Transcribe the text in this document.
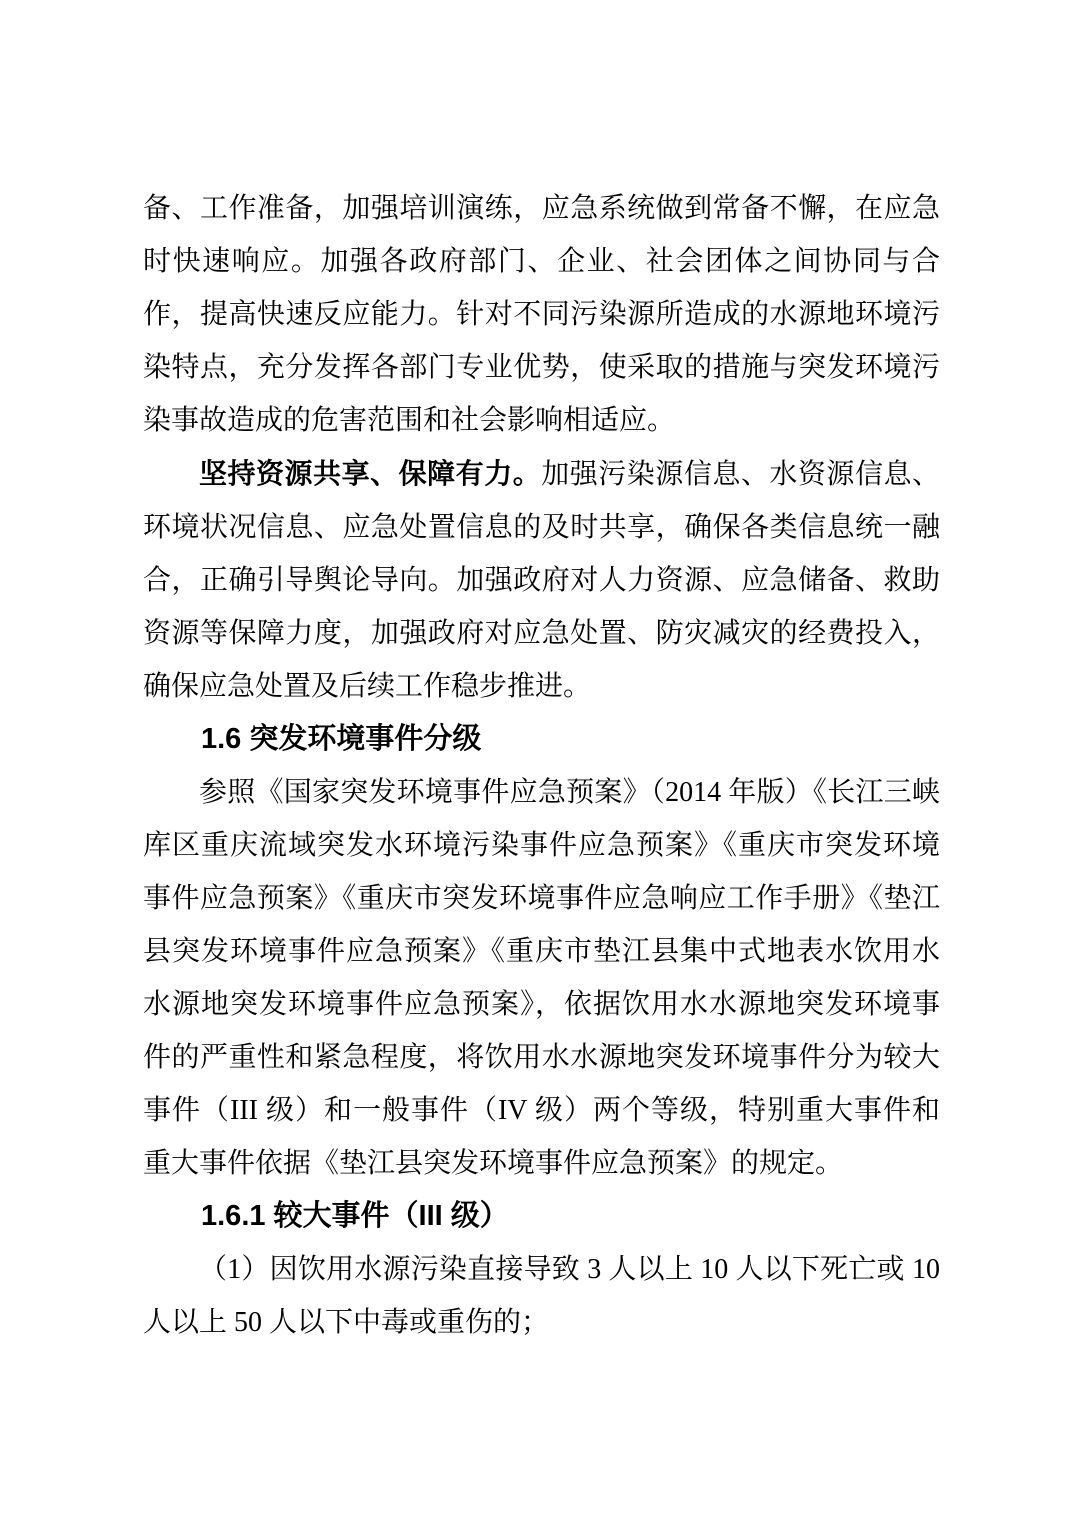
备、工作准备，加强培训演练，应急系统做到常备不懈，在应急时快速响应。加强各政府部门、企业、社会团体之间协同与合作，提高快速反应能力。针对不同污染源所造成的水源地环境污染特点，充分发挥各部门专业优势，使采取的措施与突发环境污染事故造成的危害范围和社会影响相适应。

坚持资源共享、保障有力。加强污染源信息、水资源信息、环境状况信息、应急处置信息的及时共享，确保各类信息统一融合，正确引导舆论导向。加强政府对人力资源、应急储备、救助资源等保障力度，加强政府对应急处置、防灾减灾的经费投入，确保应急处置及后续工作稳步推进。

1.6 突发环境事件分级

参照《国家突发环境事件应急预案》（2014 年版）《长江三峡库区重庆流域突发水环境污染事件应急预案》《重庆市突发环境事件应急预案》《重庆市突发环境事件应急响应工作手册》《垫江县突发环境事件应急预案》《重庆市垫江县集中式地表水饮用水水源地突发环境事件应急预案》，依据饮用水水源地突发环境事件的严重性和紧急程度，将饮用水水源地突发环境事件分为较大事件（III 级）和一般事件（IV 级）两个等级，特别重大事件和重大事件依据《垫江县突发环境事件应急预案》的规定。

1.6.1 较大事件（III 级）

（1）因饮用水源污染直接导致 3 人以上 10 人以下死亡或 10 人以上 50 人以下中毒或重伤的；
